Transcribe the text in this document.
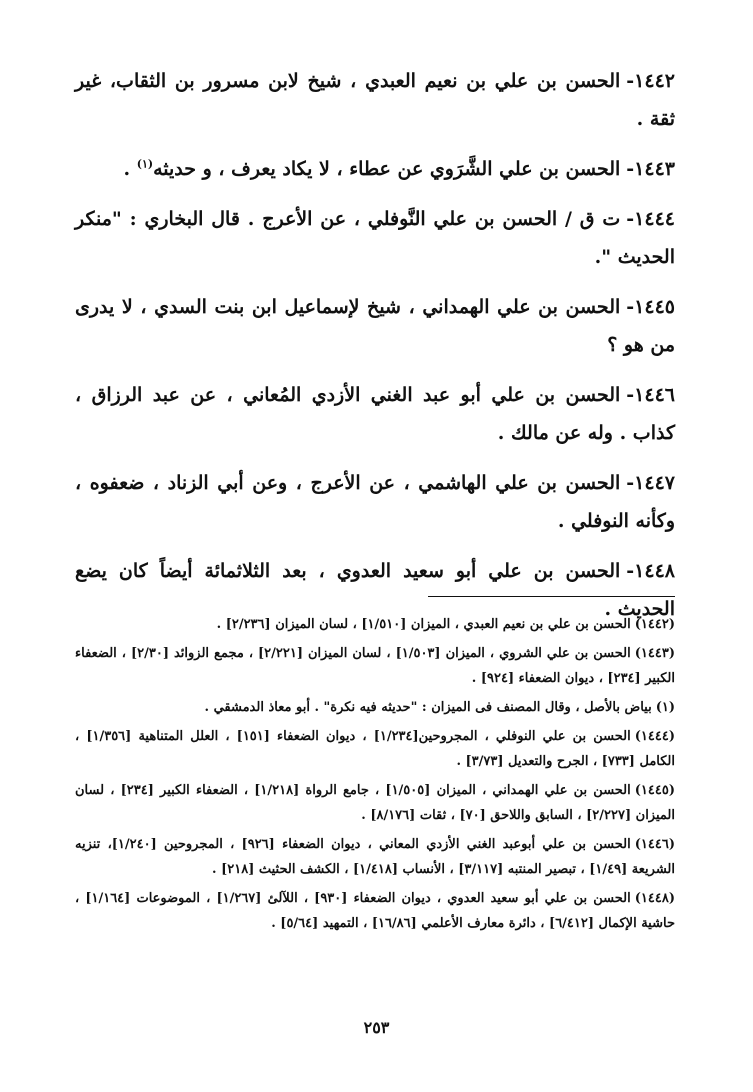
١٤٤٢-الحسن بن علي بن نعيم العبدي ، شيخ لابن مسرور بن الثقاب، غير ثقة .
١٤٤٣-الحسن بن علي الشَّرَوي عن عطاء ، لا يكاد يعرف ، و حديثه$^{(١)}$ .
١٤٤٤-ت ق / الحسن بن علي النَّوفلي ، عن الأعرج . قال البخاري : "منكر الحديث ".
١٤٤٥-الحسن بن علي الهمداني ، شيخ لإسماعيل ابن بنت السدي ، لا يدرى من هو ؟
١٤٤٦-الحسن بن علي أبو عبد الغني الأزدي المُعاني ، عن عبد الرزاق ، كذاب . وله عن مالك .
١٤٤٧-الحسن بن علي الهاشمي ، عن الأعرج ، وعن أبي الزناد ، ضعفوه ، وكأنه النوفلي .
١٤٤٨-الحسن بن علي أبو سعيد العدوي ، بعد الثلاثمائة أيضاً كان يضع الحديث .
(١٤٤٢)الحسن بن علي بن نعيم العبدي ، الميزان [١/٥١٠] ، لسان الميزان [٢/٢٣٦] .
(١٤٤٣)الحسن بن علي الشروي ، الميزان [١/٥٠٣] ، لسان الميزان [٢/٢٢١] ، مجمع الزوائد [٢/٣٠] ، الضعفاء الكبير [٢٣٤] ، ديوان الضعفاء [٩٢٤] .
(١)بياض بالأصل ، وقال المصنف فى الميزان : "حديثه فيه نكرة" . أبو معاذ الدمشقي .
(١٤٤٤)الحسن بن علي النوفلي ، المجروحين[١/٢٣٤] ، ديوان الضعفاء [١٥١] ، العلل المتناهية [١/٣٥٦] ، الكامل [٧٣٣] ، الجرح والتعديل [٣/٧٣] .
(١٤٤٥)الحسن بن علي الهمداني ، الميزان [١/٥٠٥] ، جامع الرواة [١/٢١٨] ، الضعفاء الكبير [٢٣٤] ، لسان الميزان [٢/٢٢٧] ، السابق واللاحق [٧٠] ، ثقات [٨/١٧٦] .
(١٤٤٦)الحسن بن علي أبوعبد الغني الأزدي المعاني ، ديوان الضعفاء [٩٢٦] ، المجروحين [١/٢٤٠]، تنزيه الشريعة [١/٤٩] ، تبصير المنتبه [٣/١١٧] ، الأنساب [١/٤١٨] ، الكشف الحثيث [٢١٨] .
(١٤٤٨)الحسن بن علي أبو سعيد العدوي ، ديوان الضعفاء [٩٣٠] ، اللآلئ [١/٢٦٧] ، الموضوعات [١/١٦٤] ، حاشية الإكمال [٦/٤١٢] ، دائرة معارف الأعلمي [١٦/٨٦] ، التمهيد [٥/٦٤] .
٢٥٣
